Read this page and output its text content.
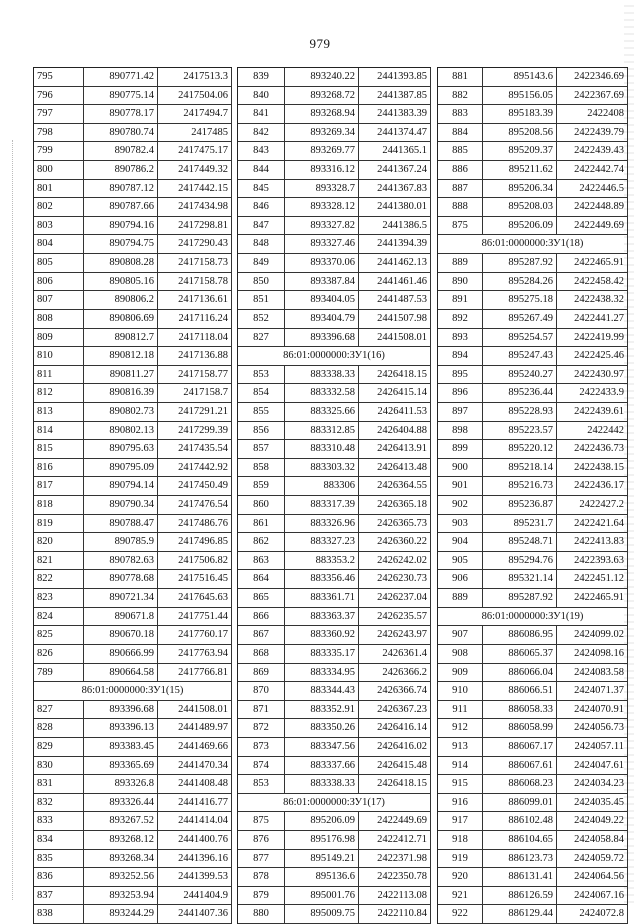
979
795	890771.42	2417513.3
796	890775.14	2417504.06
797	890778.17	2417494.7
798	890780.74	2417485
799	890782.4	2417475.17
800	890786.2	2417449.32
801	890787.12	2417442.15
802	890787.66	2417434.98
803	890794.16	2417298.81
804	890794.75	2417290.43
805	890808.28	2417158.73
806	890805.16	2417158.78
807	890806.2	2417136.61
808	890806.69	2417116.24
809	890812.7	2417118.04
810	890812.18	2417136.88
811	890811.27	2417158.77
812	890816.39	2417158.7
813	890802.73	2417291.21
814	890802.13	2417299.39
815	890795.63	2417435.54
816	890795.09	2417442.92
817	890794.14	2417450.49
818	890790.34	2417476.54
819	890788.47	2417486.76
820	890785.9	2417496.85
821	890782.63	2417506.82
822	890778.68	2417516.45
823	890721.34	2417645.63
824	890671.8	2417751.44
825	890670.18	2417760.17
826	890666.99	2417763.94
789	890664.58	2417766.81
86:01:0000000:ЗУ1(15)
827	893396.68	2441508.01
828	893396.13	2441489.97
829	893383.45	2441469.66
830	893365.69	2441470.34
831	893326.8	2441408.48
832	893326.44	2441416.77
833	893267.52	2441414.04
834	893268.12	2441400.76
835	893268.34	2441396.16
836	893252.56	2441399.53
837	893253.94	2441404.9
838	893244.29	2441407.36
839	893240.22	2441393.85
840	893268.72	2441387.85
841	893268.94	2441383.39
842	893269.34	2441374.47
843	893269.77	2441365.1
844	893316.12	2441367.24
845	893328.7	2441367.83
846	893328.12	2441380.01
847	893327.82	2441386.5
848	893327.46	2441394.39
849	893370.06	2441462.13
850	893387.84	2441461.46
851	893404.05	2441487.53
852	893404.79	2441507.98
827	893396.68	2441508.01
86:01:0000000:ЗУ1(16)
853	883338.33	2426418.15
854	883332.58	2426415.14
855	883325.66	2426411.53
856	883312.85	2426404.88
857	883310.48	2426413.91
858	883303.32	2426413.48
859	883306	2426364.55
860	883317.39	2426365.18
861	883326.96	2426365.73
862	883327.23	2426360.22
863	883353.2	2426242.02
864	883356.46	2426230.73
865	883361.71	2426237.04
866	883363.37	2426235.57
867	883360.92	2426243.97
868	883335.17	2426361.4
869	883334.95	2426366.2
870	883344.43	2426366.74
871	883352.91	2426367.23
872	883350.26	2426416.14
873	883347.56	2426416.02
874	883337.66	2426415.48
853	883338.33	2426418.15
86:01:0000000:ЗУ1(17)
875	895206.09	2422449.69
876	895176.98	2422412.71
877	895149.21	2422371.98
878	895136.6	2422350.78
879	895001.76	2422113.08
880	895009.75	2422110.84
881	895143.6	2422346.69
882	895156.05	2422367.69
883	895183.39	2422408
884	895208.56	2422439.79
885	895209.37	2422439.43
886	895211.62	2422442.74
887	895206.34	2422446.5
888	895208.03	2422448.89
875	895206.09	2422449.69
86:01:0000000:ЗУ1(18)
889	895287.92	2422465.91
890	895284.26	2422458.42
891	895275.18	2422438.32
892	895267.49	2422441.27
893	895254.57	2422419.99
894	895247.43	2422425.46
895	895240.27	2422430.97
896	895236.44	2422433.9
897	895228.93	2422439.61
898	895223.57	2422442
899	895220.12	2422436.73
900	895218.14	2422438.15
901	895216.73	2422436.17
902	895236.87	2422427.2
903	895231.7	2422421.64
904	895248.71	2422413.83
905	895294.76	2422393.63
906	895321.14	2422451.12
889	895287.92	2422465.91
86:01:0000000:ЗУ1(19)
907	886086.95	2424099.02
908	886065.37	2424098.16
909	886066.04	2424083.58
910	886066.51	2424071.37
911	886058.33	2424070.91
912	886058.99	2424056.73
913	886067.17	2424057.11
914	886067.61	2424047.61
915	886068.23	2424034.23
916	886099.01	2424035.45
917	886102.48	2424049.22
918	886104.65	2424058.84
919	886123.73	2424059.72
920	886131.41	2424064.56
921	886126.59	2424067.16
922	886129.44	2424072.8
